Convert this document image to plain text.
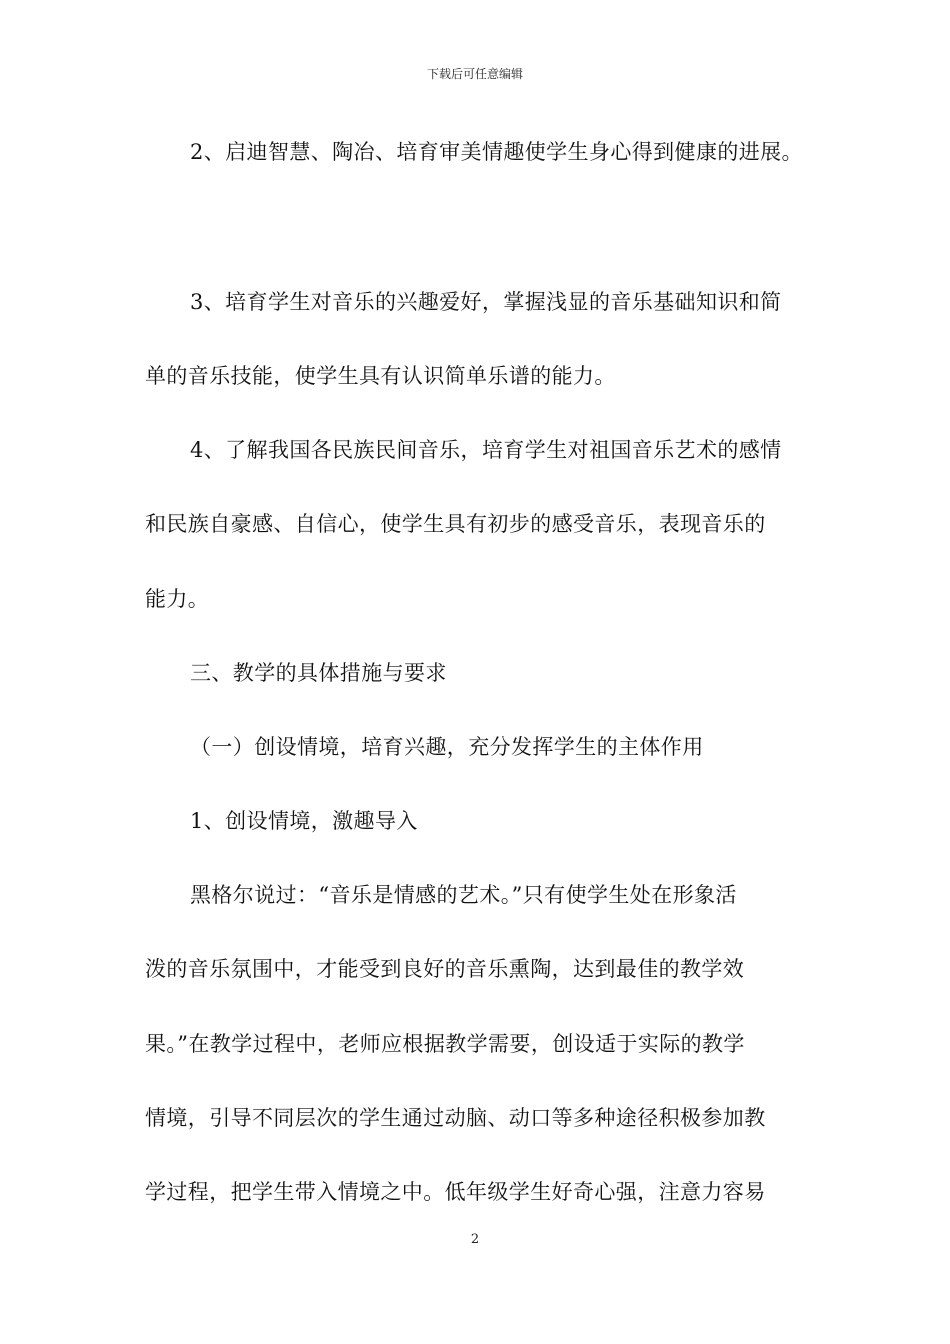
下载后可任意编辑
2、启迪智慧、陶冶、培育审美情趣使学生身心得到健康的进展。
3、培育学生对音乐的兴趣爱好，掌握浅显的音乐基础知识和简
单的音乐技能，使学生具有认识简单乐谱的能力。
4、了解我国各民族民间音乐，培育学生对祖国音乐艺术的感情
和民族自豪感、自信心，使学生具有初步的感受音乐，表现音乐的
能力。
三、教学的具体措施与要求
（一）创设情境，培育兴趣，充分发挥学生的主体作用
1、创设情境，激趣导入
黑格尔说过：“音乐是情感的艺术。”只有使学生处在形象活
泼的音乐氛围中，才能受到良好的音乐熏陶，达到最佳的教学效
果。”在教学过程中，老师应根据教学需要，创设适于实际的教学
情境，引导不同层次的学生通过动脑、动口等多种途径积极参加教
学过程，把学生带入情境之中。低年级学生好奇心强，注意力容易
2
